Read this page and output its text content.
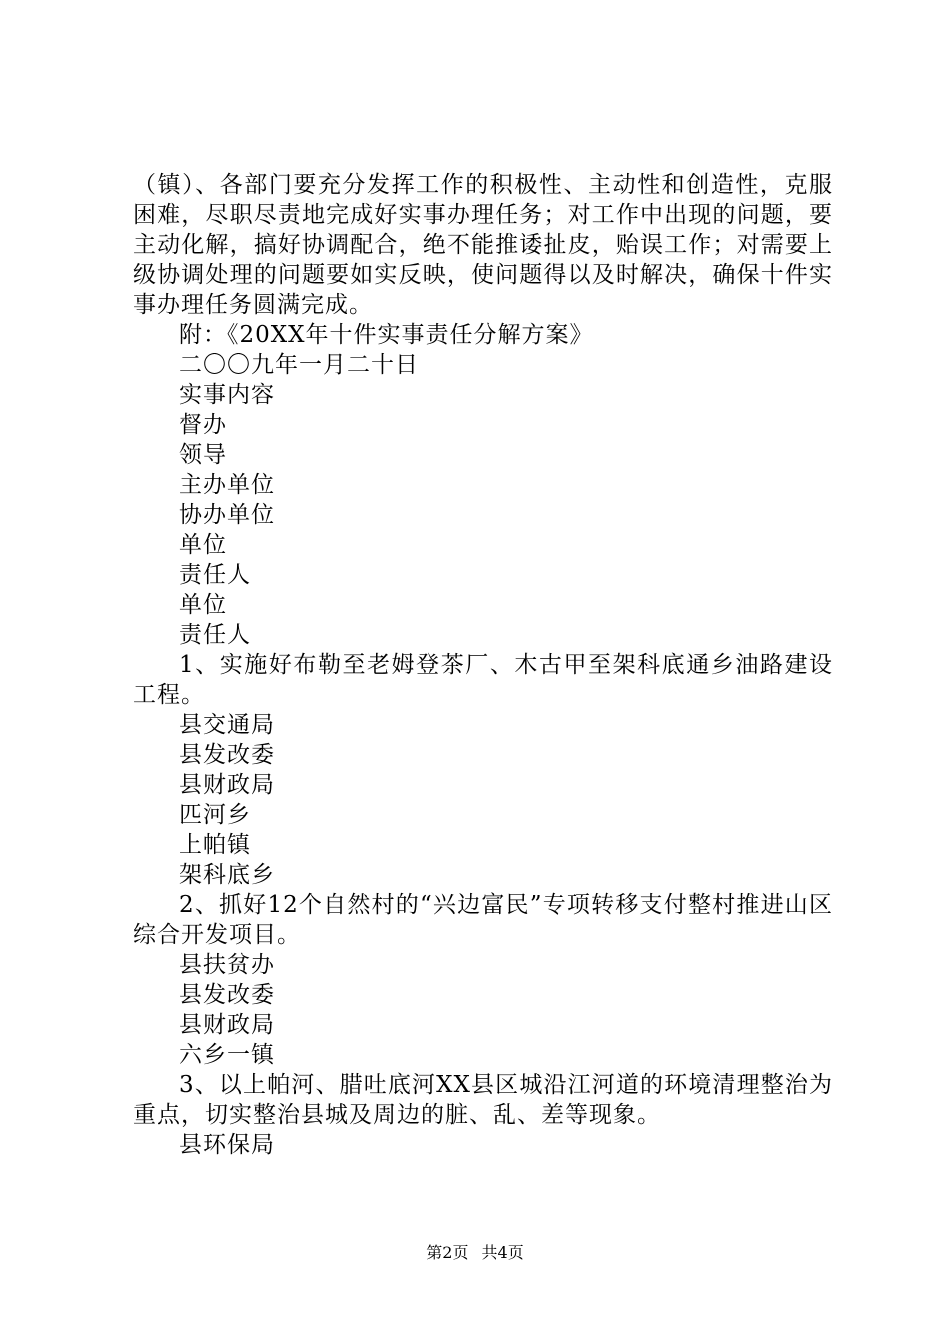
（镇）、各部门要充分发挥工作的积极性、主动性和创造性，克服困难，尽职尽责地完成好实事办理任务；对工作中出现的问题，要主动化解，搞好协调配合，绝不能推诿扯皮，贻误工作；对需要上级协调处理的问题要如实反映，使问题得以及时解决，确保十件实事办理任务圆满完成。

附：《20XX年十件实事责任分解方案》

二〇〇九年一月二十日

实事内容

督办

领导

主办单位

协办单位

单位

责任人

单位

责任人

1、实施好布勒至老姆登茶厂、木古甲至架科底通乡油路建设工程。

县交通局

县发改委

县财政局

匹河乡

上帕镇

架科底乡

2、抓好12个自然村的“兴边富民”专项转移支付整村推进山区综合开发项目。

县扶贫办

县发改委

县财政局

六乡一镇

3、以上帕河、腊吐底河XX县区城沿江河道的环境清理整治为重点，切实整治县城及周边的脏、乱、差等现象。

县环保局

第2页 共4页
